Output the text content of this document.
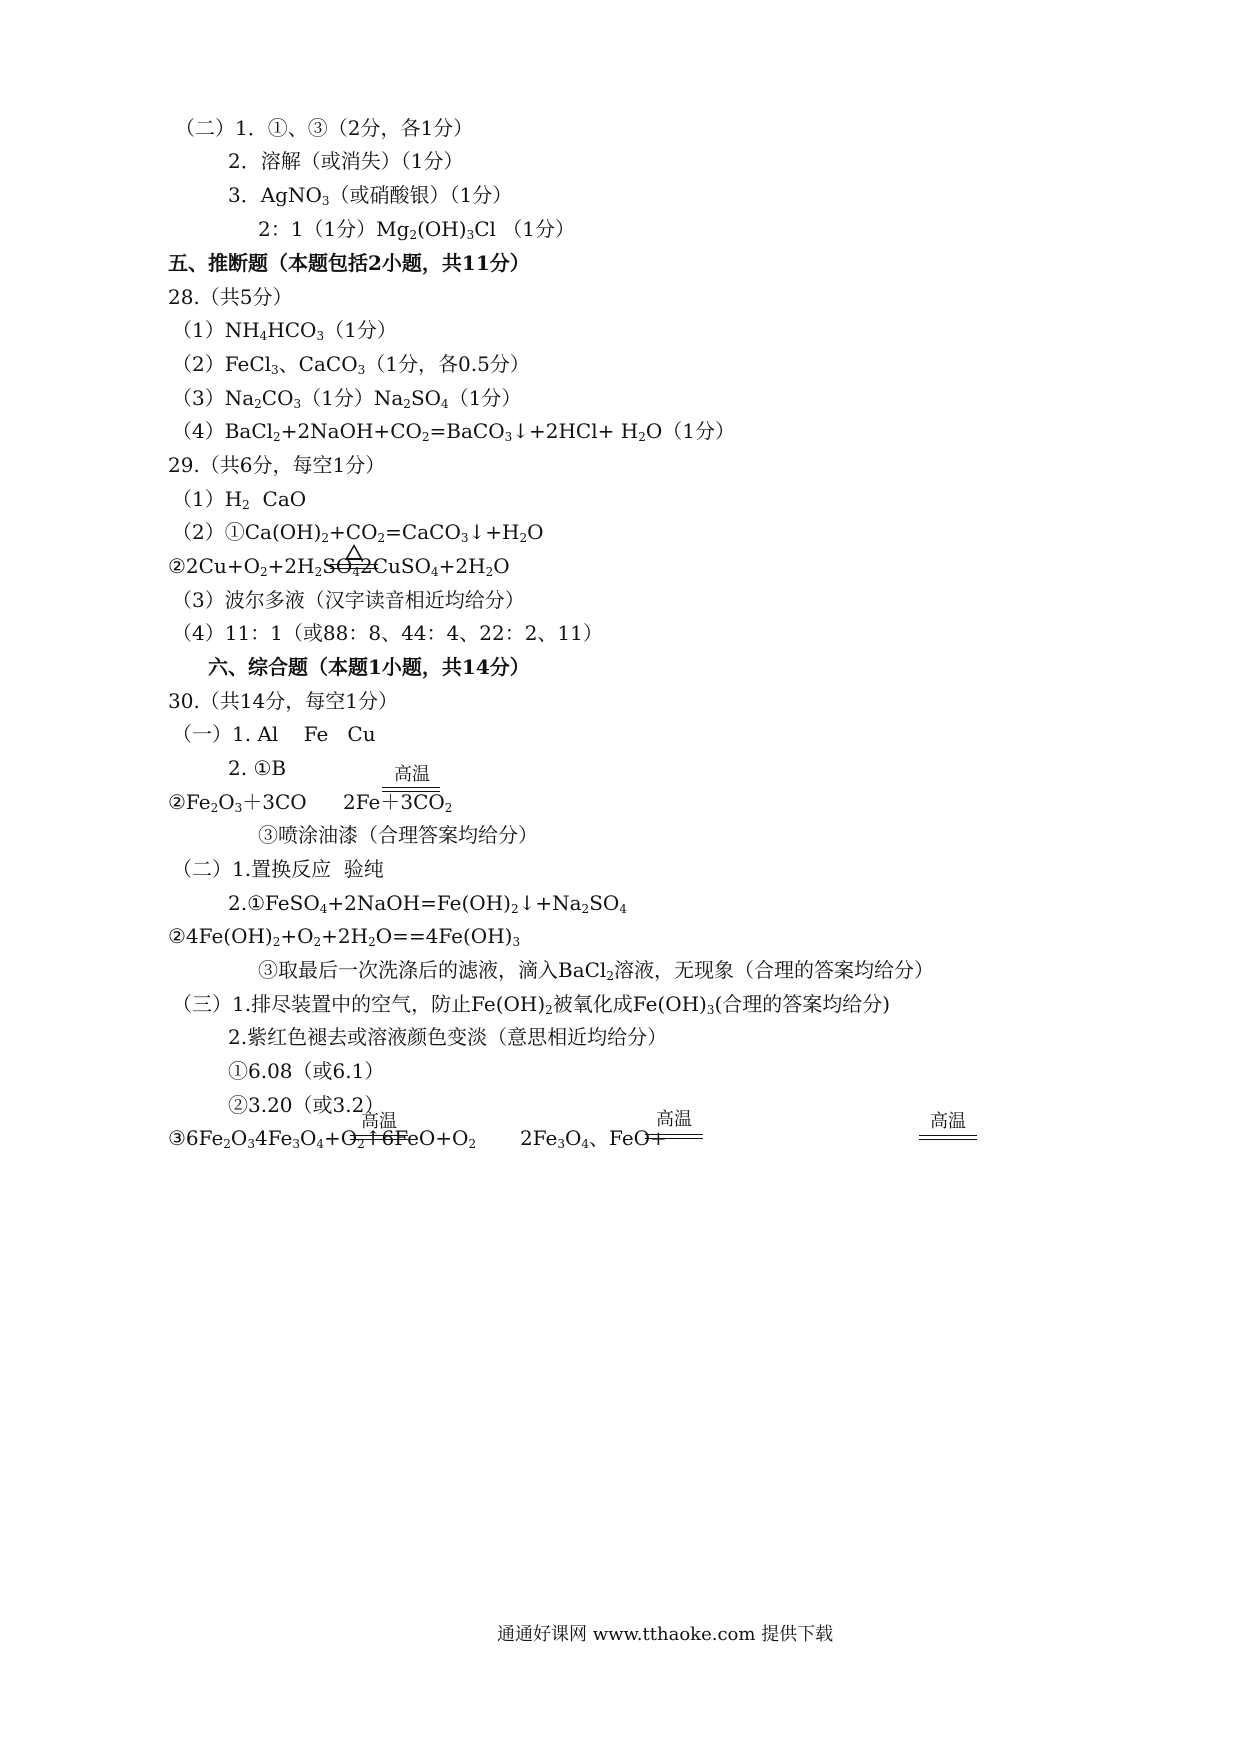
（二）1．①、③（2分，各1分）
2．溶解（或消失）（1分）
3．AgNO$_3$（或硝酸银）（1分）
2：1（1分）$Mg_2(OH)_3Cl$ （1分）
五、推断题（本题包括2小题，共11分）
28.（共5分）
$(1)NH_4HCO_3(1$分）
（2）FeCl$_3$、CaCO$_3$（1分，各0.5分）
$(3)Na_2CO_3(1$分）$Na_2SO_4(1$分）
$(4)BaCl_2+2NaOH+CO_2=BaCO_3↓+2HCl+ H_2O(1$分）
29.（共6分，每空1分）
$(1)H_2$  CaO
$(2)①Ca(OH)_2+CO_2=CaCO_3↓+H_2O$
$②2Cu+O_2+2H_2SO_42CuSO_4+2H_2O$
（3）波尔多液（汉字读音相近均给分）
（4）11：1（或88：8、44：4、22：2、11）
六、综合题（本题1小题，共14分）
30.（共14分，每空1分）
（一）1. Al    Fe   Cu
2. ①B
$②Fe_2O_3+3CO$ $2Fe+3CO_2$
高温
③喷涂油漆（合理答案均给分）
（二）1.置换反应  验纯
$2.①FeSO_4+2NaOH=Fe(OH)_2↓+Na_2SO_4$
$②4Fe(OH)_2+O_2+2H_2O==4Fe(OH)_3$
③取最后一次洗涤后的滤液，滴入BaCl$_2$溶液，无现象（合理的答案均给分）
（三）1.排尽装置中的空气，防止$Fe(OH)_2$被氧化成$Fe(OH)_3$(合理的答案均给分)
2.紫红色褪去或溶液颜色变淡（意思相近均给分）
①6.08（或6.1）
②3.20（或3.2）
$③6Fe_2O_34Fe_3O_4+O_2↑6FeO+O_2$
高温
$2Fe_3O_4$、FeO+
高温	高温
通通好课网 www.tthaoke.com 提供下载
